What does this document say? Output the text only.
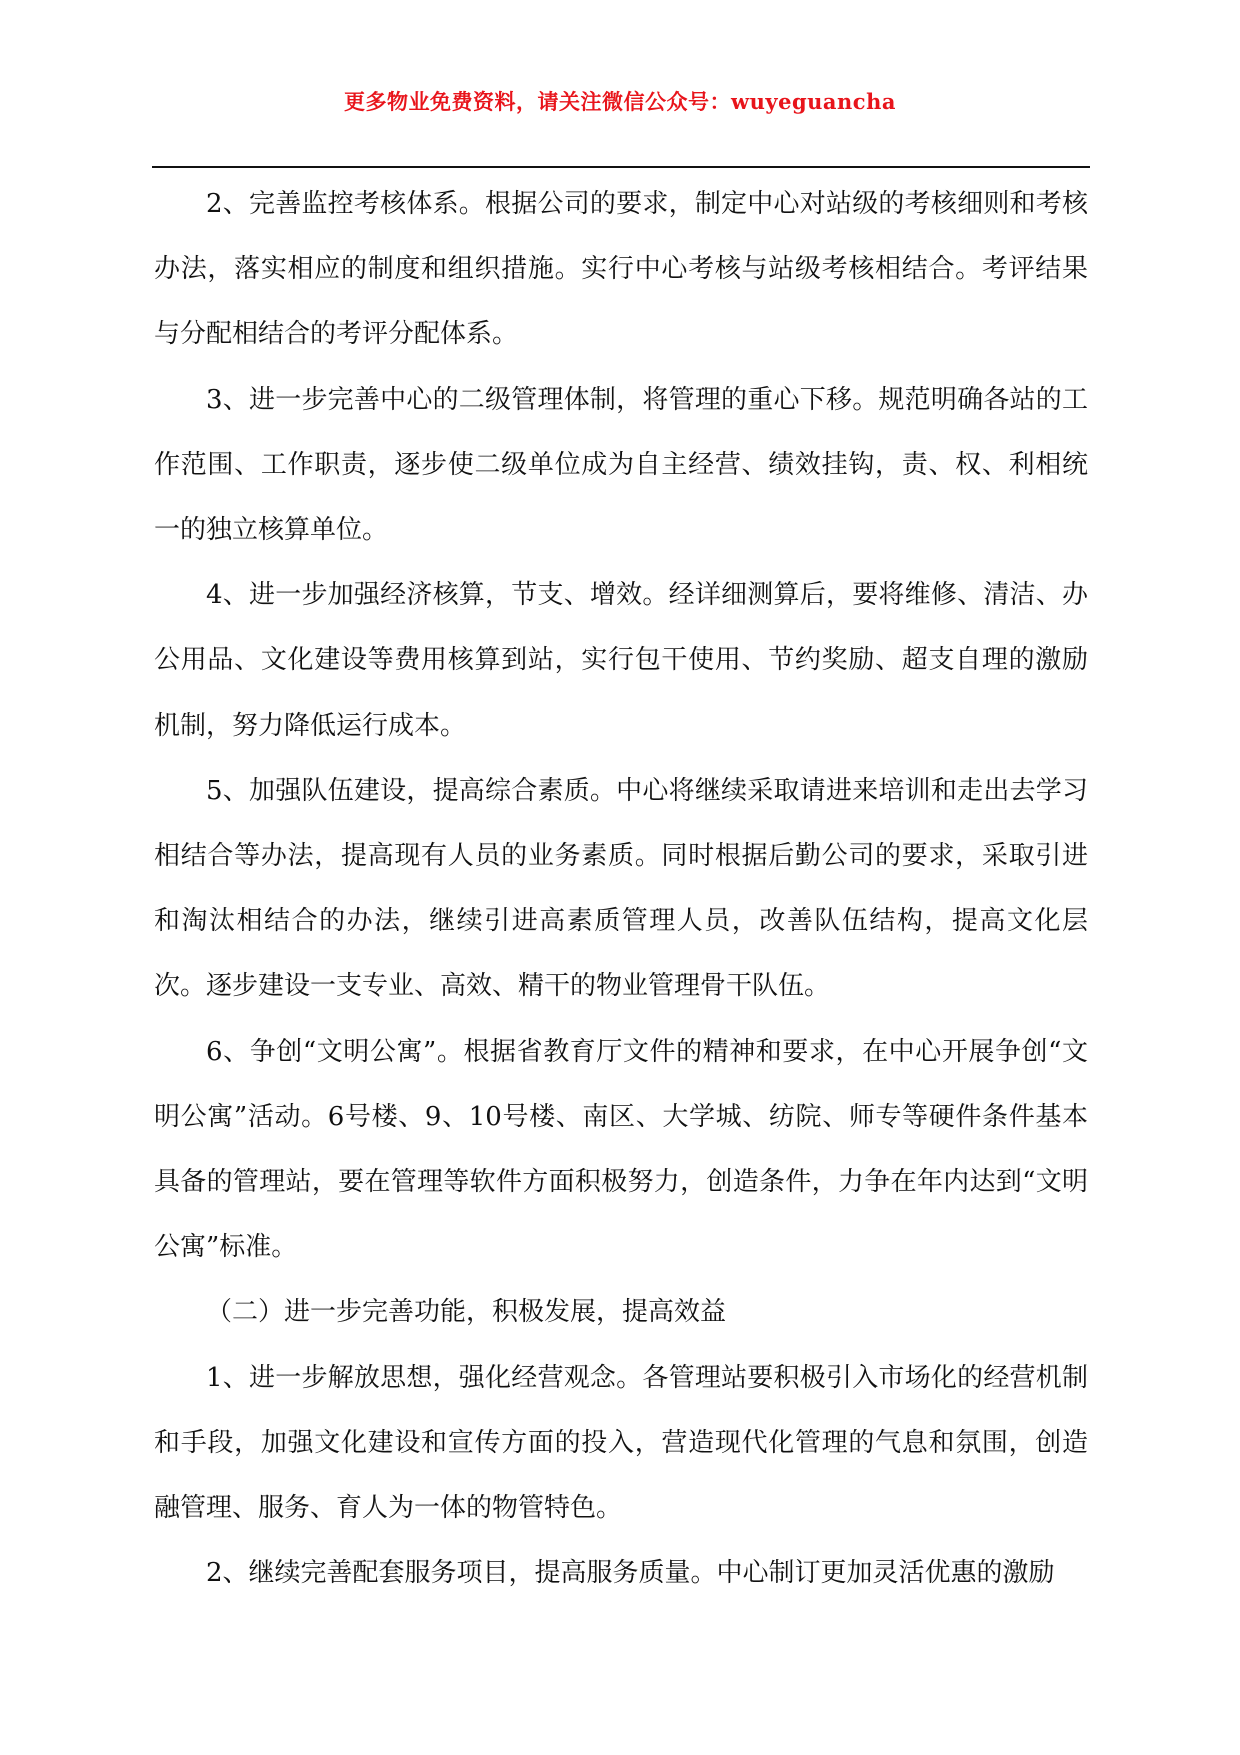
更多物业免费资料，请关注微信公众号：wuyeguancha

2、完善监控考核体系。根据公司的要求，制定中心对站级的考核细则和考核办法，落实相应的制度和组织措施。实行中心考核与站级考核相结合。考评结果与分配相结合的考评分配体系。

3、进一步完善中心的二级管理体制，将管理的重心下移。规范明确各站的工作范围、工作职责，逐步使二级单位成为自主经营、绩效挂钩，责、权、利相统一的独立核算单位。

4、进一步加强经济核算，节支、增效。经详细测算后，要将维修、清洁、办公用品、文化建设等费用核算到站，实行包干使用、节约奖励、超支自理的激励机制，努力降低运行成本。

5、加强队伍建设，提高综合素质。中心将继续采取请进来培训和走出去学习相结合等办法，提高现有人员的业务素质。同时根据后勤公司的要求，采取引进和淘汰相结合的办法，继续引进高素质管理人员，改善队伍结构，提高文化层次。逐步建设一支专业、高效、精干的物业管理骨干队伍。

6、争创“文明公寓”。根据省教育厅文件的精神和要求，在中心开展争创“文明公寓”活动。6号楼、9、10号楼、南区、大学城、纺院、师专等硬件条件基本具备的管理站，要在管理等软件方面积极努力，创造条件，力争在年内达到“文明公寓”标准。

（二）进一步完善功能，积极发展，提高效益

1、进一步解放思想，强化经营观念。各管理站要积极引入市场化的经营机制和手段，加强文化建设和宣传方面的投入，营造现代化管理的气息和氛围，创造融管理、服务、育人为一体的物管特色。

2、继续完善配套服务项目，提高服务质量。中心制订更加灵活优惠的激励
